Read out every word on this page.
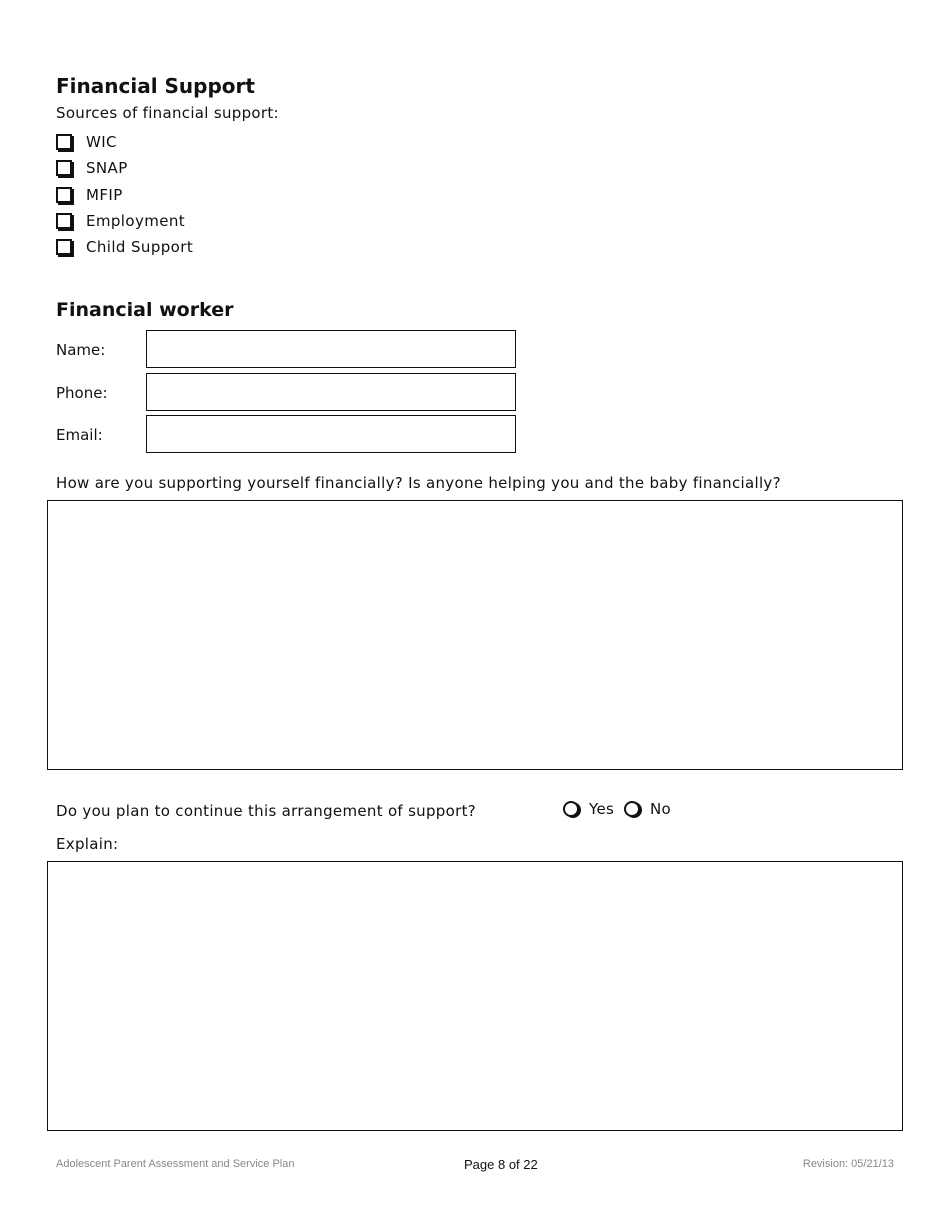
Financial Support
Sources of financial support:
WIC
SNAP
MFIP
Employment
Child Support
Financial worker
Name:
Phone:
Email:
How are you supporting yourself financially? Is anyone helping you and the baby financially?
Do you plan to continue this arrangement of support?	Yes No
Explain:
Adolescent Parent Assessment and Service Plan	Page 8 of 22	Revision: 05/21/13
